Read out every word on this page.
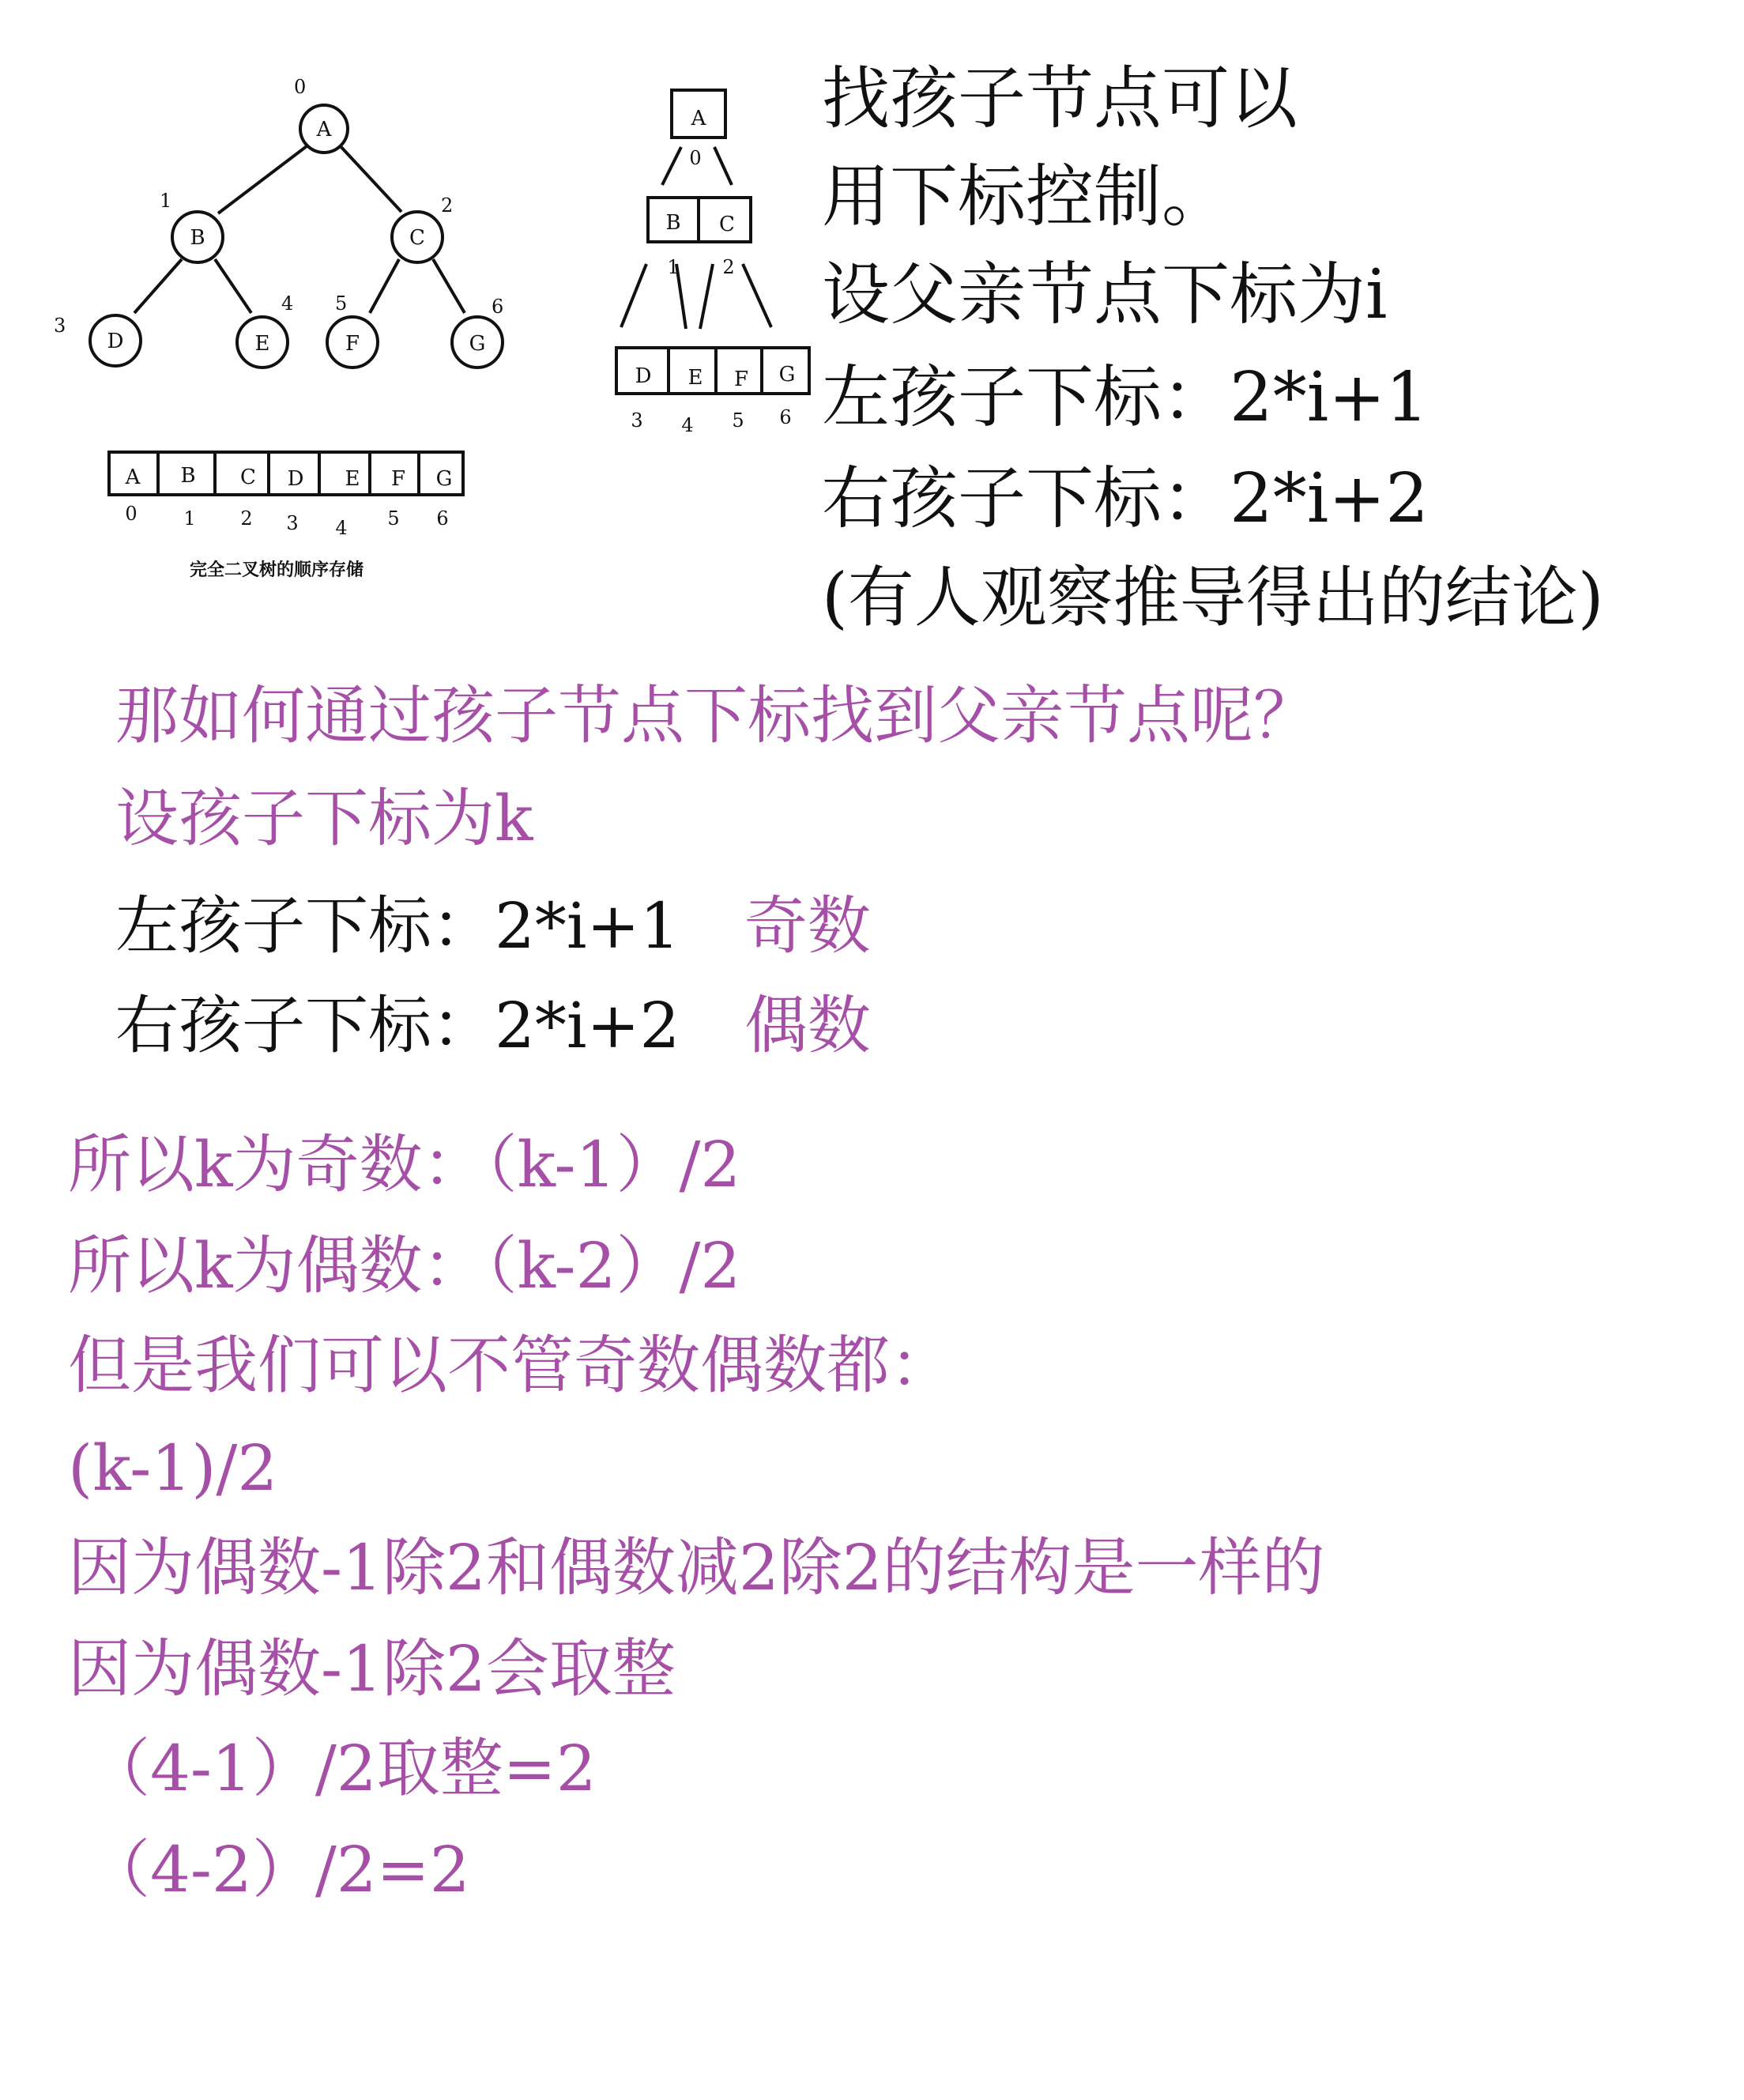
A
B	C
D	E	F	G
0
1	2
3
4 5	6
A B C D E F G
0 1 2 3 4 5 6
A
B C
D E F G
0
1 2
3 4 5 6
完全二叉树的顺序存储
找孩子节点可以
用下标控制。
设父亲节点下标为i
左孩子下标：2*i+1
右孩子下标：2*i+2
(有人观察推导得出的结论)
那如何通过孩子节点下标找到父亲节点呢？
设孩子下标为k
左孩子下标：2*i+1 奇数
右孩子下标：2*i+2 偶数
所以k为奇数：（k-1）/2
所以k为偶数：（k-2）/2
但是我们可以不管奇数偶数都：
(k-1)/2
因为偶数-1除2和偶数减2除2的结构是一样的
因为偶数-1除2会取整
（4-1）/2取整=2
（4-2）/2=2
